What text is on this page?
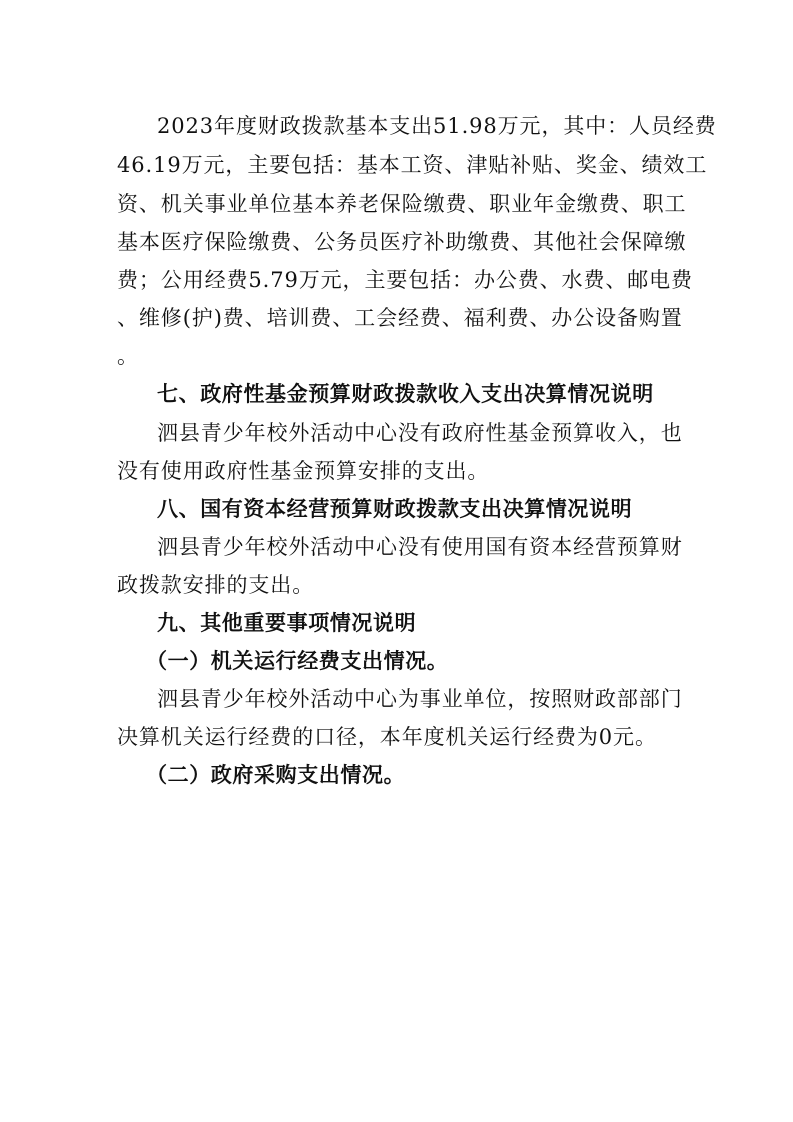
2023年度财政拨款基本支出51.98万元，其中：人员经费
46.19万元，主要包括：基本工资、津贴补贴、奖金、绩效工
资、机关事业单位基本养老保险缴费、职业年金缴费、职工
基本医疗保险缴费、公务员医疗补助缴费、其他社会保障缴
费；公用经费5.79万元，主要包括：办公费、水费、邮电费
、维修(护)费、培训费、工会经费、福利费、办公设备购置
。
七、政府性基金预算财政拨款收入支出决算情况说明
泗县青少年校外活动中心没有政府性基金预算收入，也
没有使用政府性基金预算安排的支出。
八、国有资本经营预算财政拨款支出决算情况说明
泗县青少年校外活动中心没有使用国有资本经营预算财
政拨款安排的支出。
九、其他重要事项情况说明
（一）机关运行经费支出情况。
泗县青少年校外活动中心为事业单位，按照财政部部门
决算机关运行经费的口径，本年度机关运行经费为0元。
（二）政府采购支出情况。
